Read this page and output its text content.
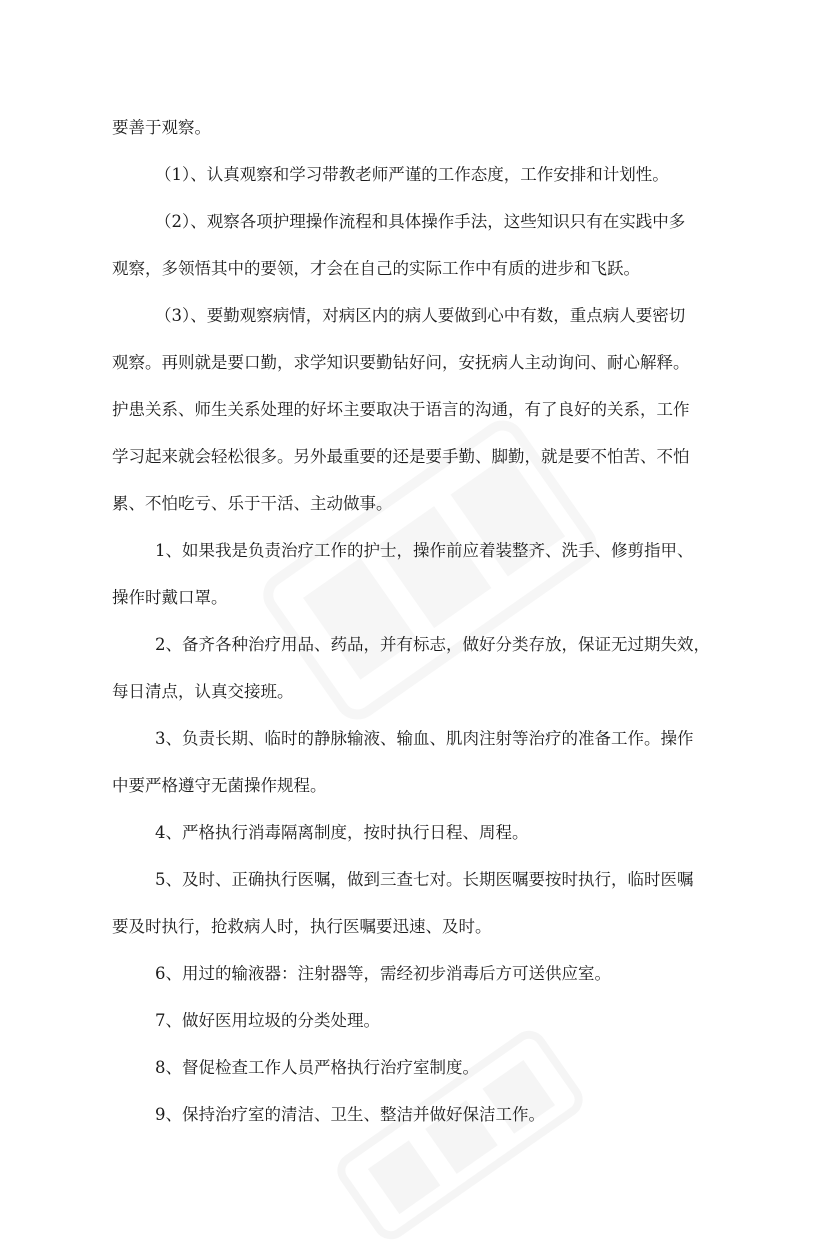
要善于观察。
（1）、认真观察和学习带教老师严谨的工作态度，工作安排和计划性。
（2）、观察各项护理操作流程和具体操作手法，这些知识只有在实践中多
观察，多领悟其中的要领，才会在自己的实际工作中有质的进步和飞跃。
（3）、要勤观察病情，对病区内的病人要做到心中有数，重点病人要密切
观察。再则就是要口勤，求学知识要勤钻好问，安抚病人主动询问、耐心解释。
护患关系、师生关系处理的好坏主要取决于语言的沟通，有了良好的关系，工作
学习起来就会轻松很多。另外最重要的还是要手勤、脚勤，就是要不怕苦、不怕
累、不怕吃亏、乐于干活、主动做事。
1、如果我是负责治疗工作的护士，操作前应着装整齐、洗手、修剪指甲、
操作时戴口罩。
2、备齐各种治疗用品、药品，并有标志，做好分类存放，保证无过期失效，
每日清点，认真交接班。
3、负责长期、临时的静脉输液、输血、肌肉注射等治疗的准备工作。操作
中要严格遵守无菌操作规程。
4、严格执行消毒隔离制度，按时执行日程、周程。
5、及时、正确执行医嘱，做到三查七对。长期医嘱要按时执行，临时医嘱
要及时执行，抢救病人时，执行医嘱要迅速、及时。
6、用过的输液器：注射器等，需经初步消毒后方可送供应室。
7、做好医用垃圾的分类处理。
8、督促检查工作人员严格执行治疗室制度。
9、保持治疗室的清洁、卫生、整洁并做好保洁工作。
